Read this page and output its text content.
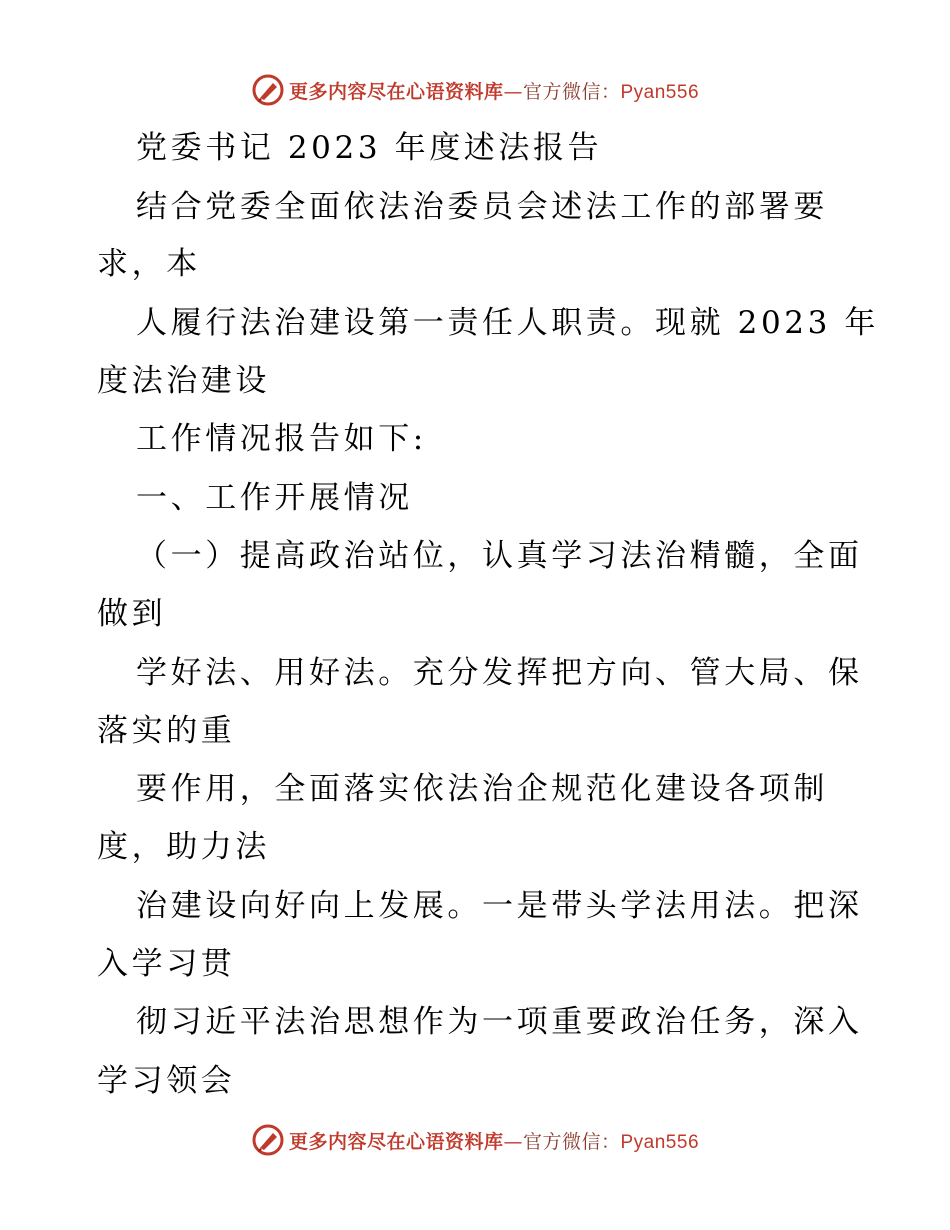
更多内容尽在心语资料库—官方微信：Pyan556
党委书记 2023 年度述法报告
结合党委全面依法治委员会述法工作的部署要
求，本
人履行法治建设第一责任人职责。现就 2023 年
度法治建设
工作情况报告如下:
一、工作开展情况
（一）提高政治站位，认真学习法治精髓，全面
做到
学好法、用好法。充分发挥把方向、管大局、保
落实的重
要作用，全面落实依法治企规范化建设各项制
度，助力法
治建设向好向上发展。一是带头学法用法。把深
入学习贯
彻习近平法治思想作为一项重要政治任务，深入
学习领会
更多内容尽在心语资料库—官方微信：Pyan556
